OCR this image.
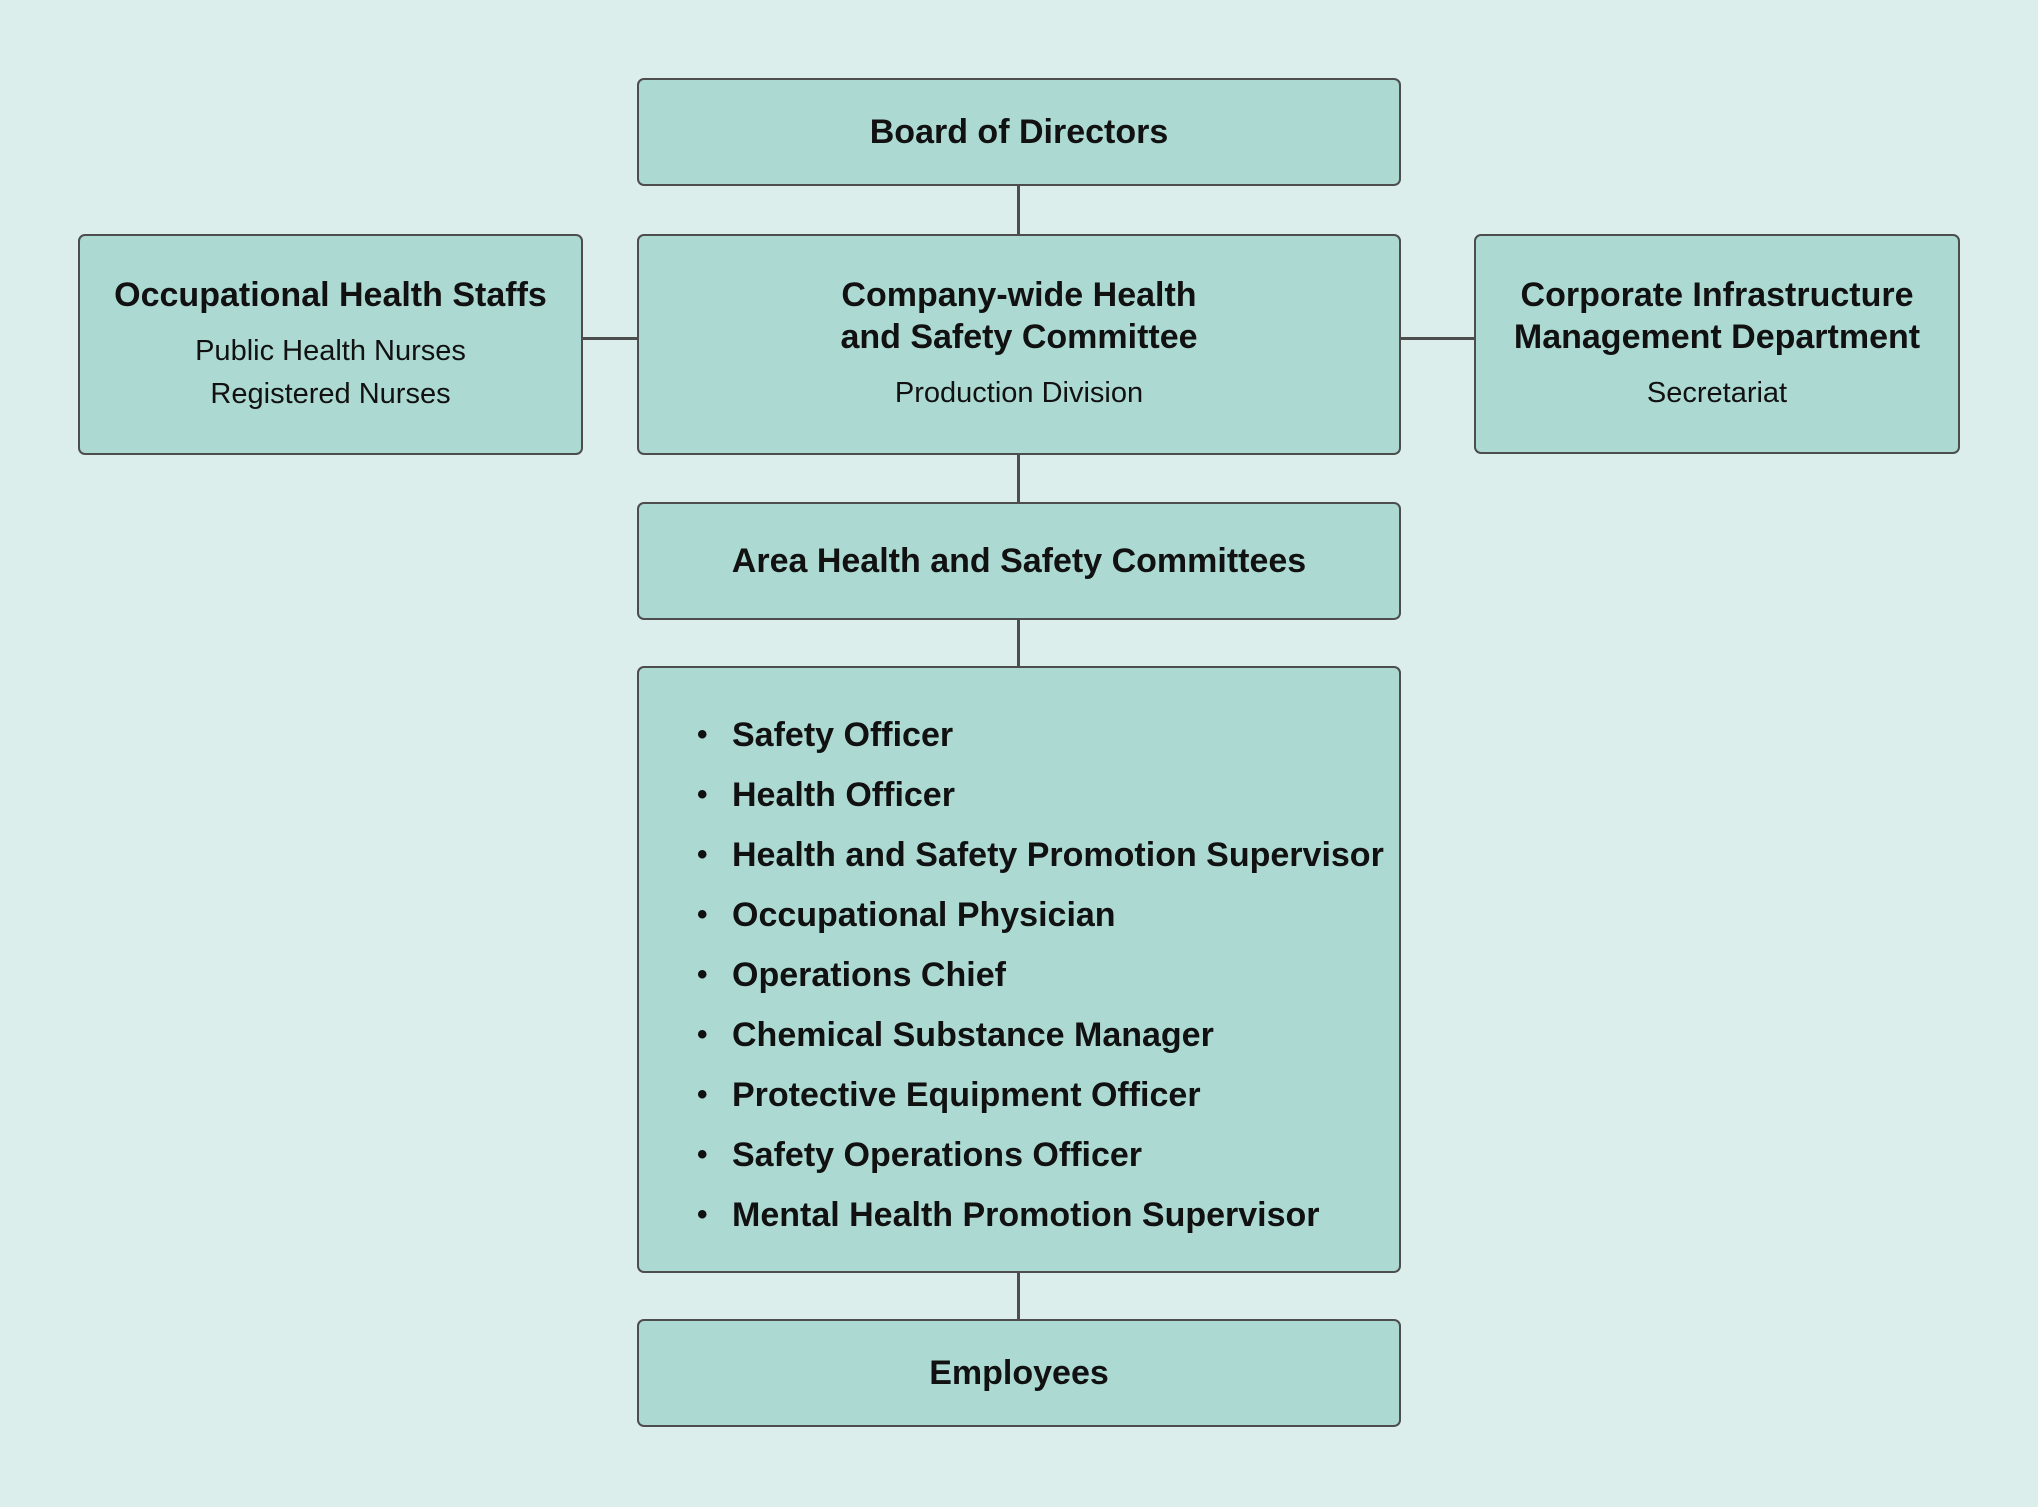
Board of Directors
Occupational Health Staffs
Public Health Nurses
Registered Nurses
Company-wide Health
and Safety Committee
Production Division
Corporate Infrastructure
Management Department
Secretariat
Area Health and Safety Committees
• Safety Officer
• Health Officer
• Health and Safety Promotion Supervisor
• Occupational Physician
• Operations Chief
• Chemical Substance Manager
• Protective Equipment Officer
• Safety Operations Officer
• Mental Health Promotion Supervisor
Employees
